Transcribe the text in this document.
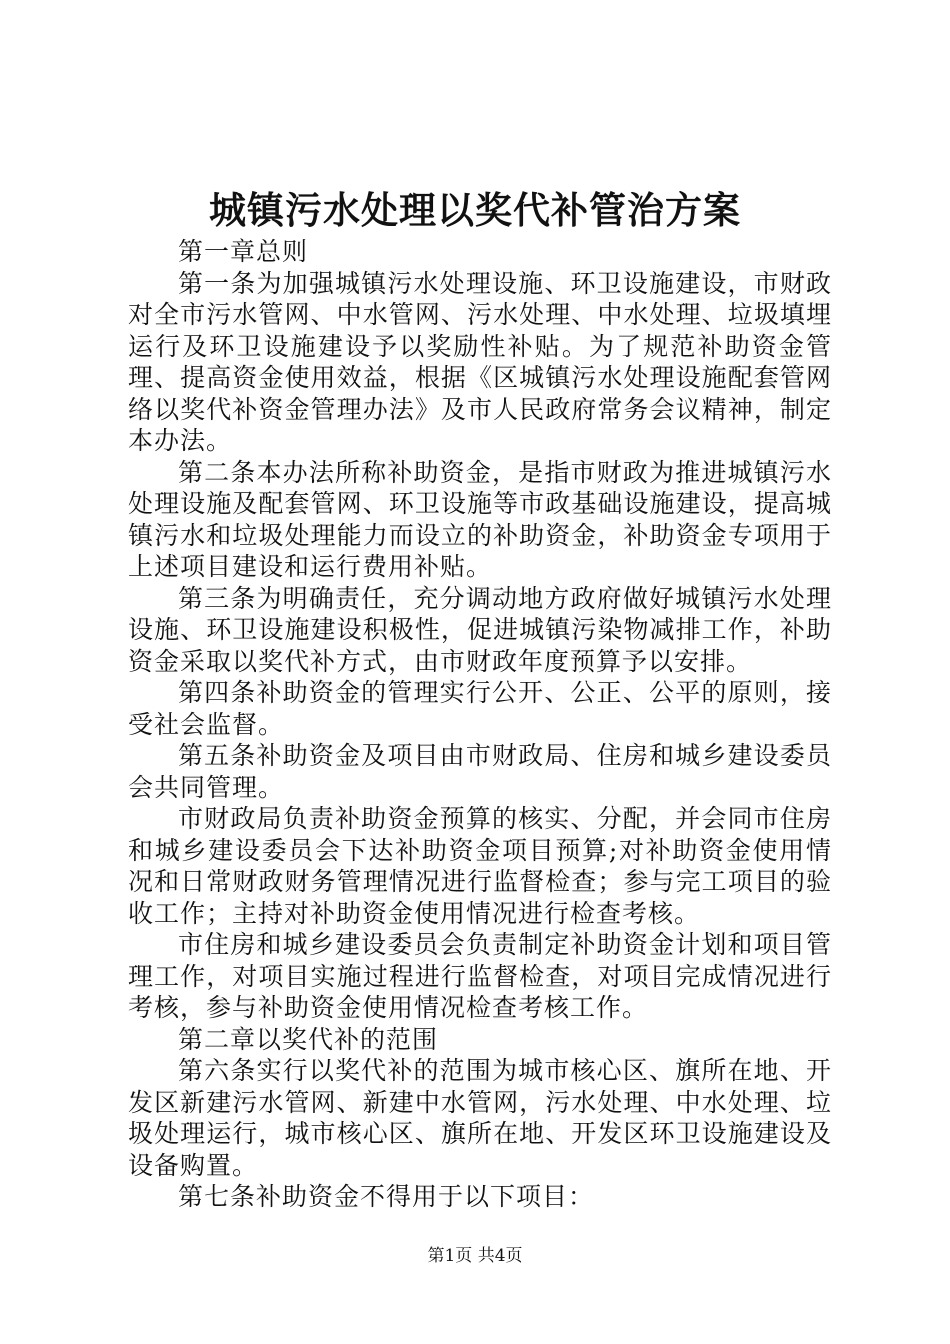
城镇污水处理以奖代补管治方案

第一章总则

第一条为加强城镇污水处理设施、环卫设施建设，市财政对全市污水管网、中水管网、污水处理、中水处理、垃圾填埋运行及环卫设施建设予以奖励性补贴。为了规范补助资金管理、提高资金使用效益，根据《区城镇污水处理设施配套管网络以奖代补资金管理办法》及市人民政府常务会议精神，制定本办法。

第二条本办法所称补助资金，是指市财政为推进城镇污水处理设施及配套管网、环卫设施等市政基础设施建设，提高城镇污水和垃圾处理能力而设立的补助资金，补助资金专项用于上述项目建设和运行费用补贴。

第三条为明确责任，充分调动地方政府做好城镇污水处理设施、环卫设施建设积极性，促进城镇污染物减排工作，补助资金采取以奖代补方式，由市财政年度预算予以安排。

第四条补助资金的管理实行公开、公正、公平的原则，接受社会监督。

第五条补助资金及项目由市财政局、住房和城乡建设委员会共同管理。

市财政局负责补助资金预算的核实、分配，并会同市住房和城乡建设委员会下达补助资金项目预算;对补助资金使用情况和日常财政财务管理情况进行监督检查；参与完工项目的验收工作；主持对补助资金使用情况进行检查考核。

市住房和城乡建设委员会负责制定补助资金计划和项目管理工作，对项目实施过程进行监督检查，对项目完成情况进行考核，参与补助资金使用情况检查考核工作。

第二章以奖代补的范围

第六条实行以奖代补的范围为城市核心区、旗所在地、开发区新建污水管网、新建中水管网，污水处理、中水处理、垃圾处理运行，城市核心区、旗所在地、开发区环卫设施建设及设备购置。

第七条补助资金不得用于以下项目：

第1页 共4页
